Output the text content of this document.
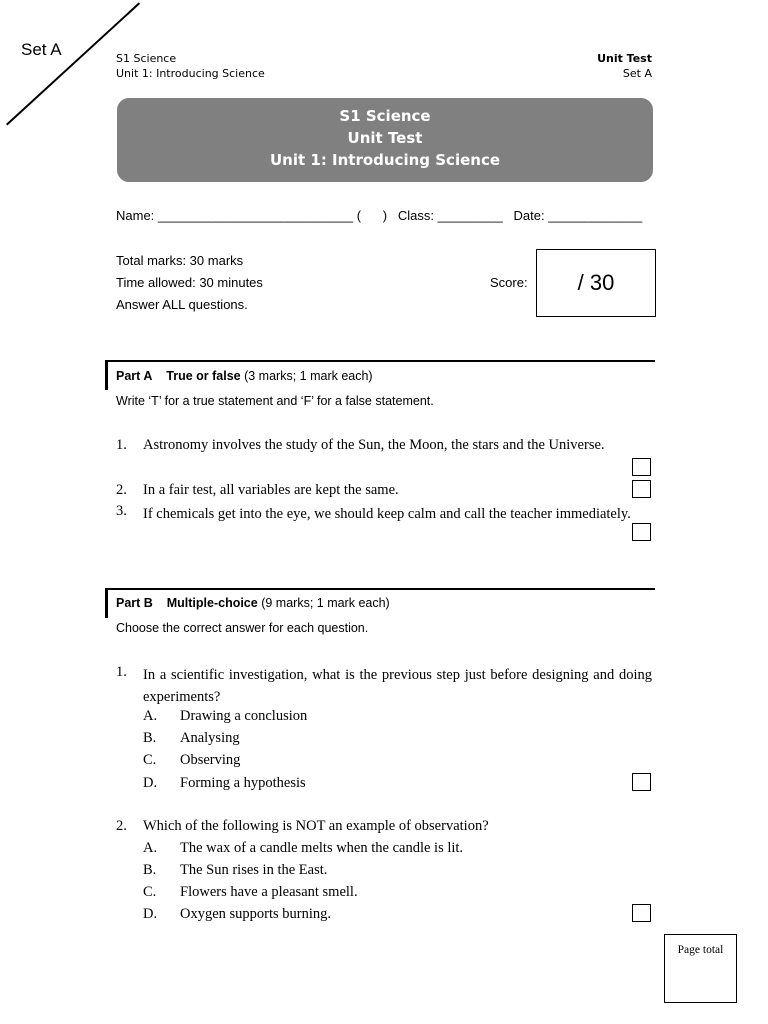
Set A	S1 Science
Unit 1: Introducing Science
Unit Test
Set A
S1 Science
Unit Test
Unit 1: Introducing Science
Name: ___________________________ (      )   Class: _________   Date: _____________
Total marks: 30 marks
Time allowed: 30 minutes
Answer ALL questions.
Score: / 30
Part A True or false (3 marks; 1 mark each)
Write ‘T’ for a true statement and ‘F’ for a false statement.
1. Astronomy involves the study of the Sun, the Moon, the stars and the Universe.
2. In a fair test, all variables are kept the same.
3. If chemicals get into the eye, we should keep calm and call the teacher immediately.
Part B Multiple-choice (9 marks; 1 mark each)
Choose the correct answer for each question.
1. In a scientific investigation, what is the previous step just before designing and doing experiments?
A. Drawing a conclusion
B. Analysing
C. Observing
D. Forming a hypothesis
2. Which of the following is NOT an example of observation?
A. The wax of a candle melts when the candle is lit.
B. The Sun rises in the East.
C. Flowers have a pleasant smell.
D. Oxygen supports burning.
Page total
